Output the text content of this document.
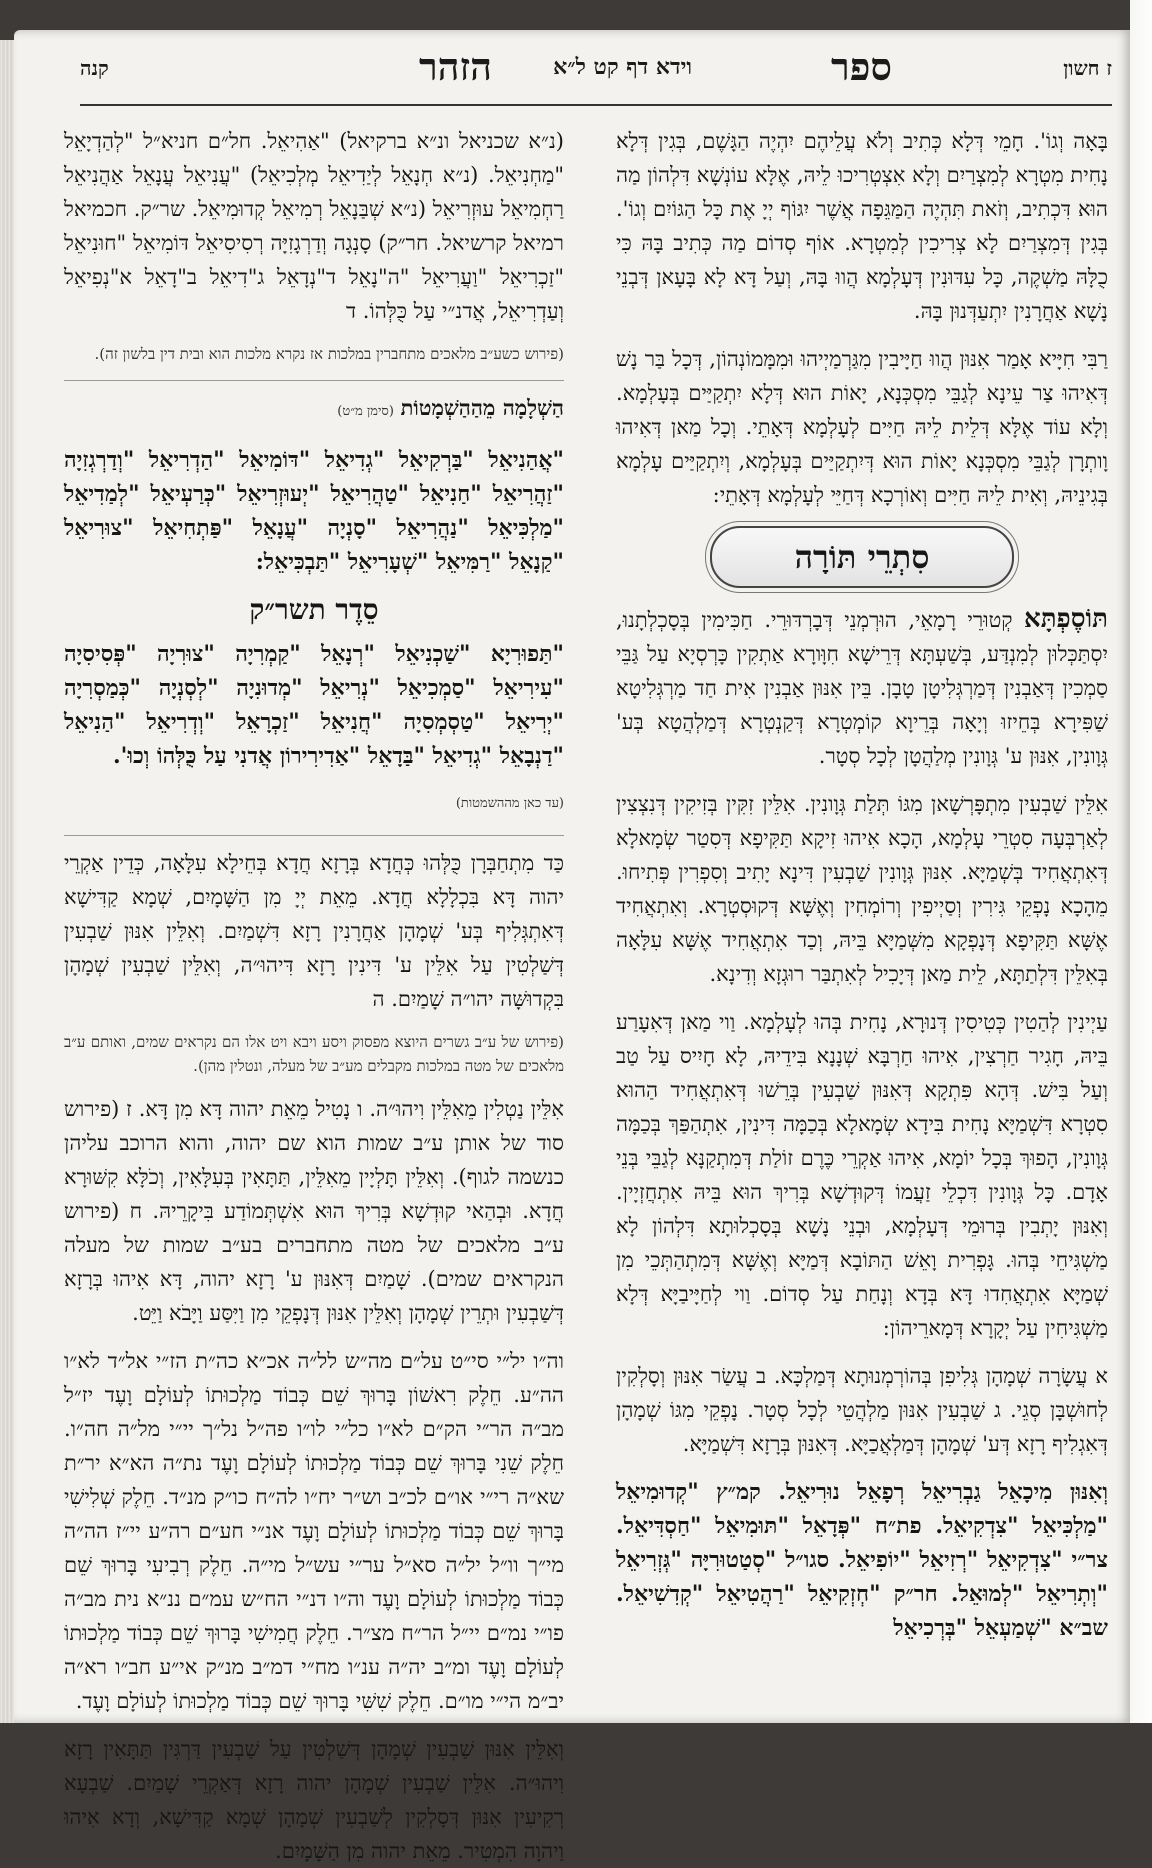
ז חשון
ספר
וידא דף קט ל״א
הזהר
קנה

בָּאָה וְגוֹ'. חָמֵי דְּלָא כְּתִיב וְלֹא עֲלֵיהֶם יִהְיֶה הַגָּשֶׁם, בְּגִין דְּלָא נָחִית מִטְרָא לְמִצְרַיִם וְלָא אִצְטְרִיכוּ לֵיהּ, אֶלָּא עוֹנְשָׁא דִּלְהוֹן מַה הוּא דִּכְתִיב, וְזֹאת תִּהְיֶה הַמַּגֵּפָה אֲשֶׁר יִגּוֹף יְיָ אֶת כָּל הַגּוֹיִם וְגוֹ'. בְּגִין דְּמִצְרַיִם לָא צְרִיכִין לְמִטְרָא. אוֹף סְדוֹם מַה כְּתִיב בָּהּ כִּי כֻלָּהּ מַשְׁקֶה, כָּל עִדּוּנִין דְּעָלְמָא הֲווּ בָּהּ, וְעַל דָּא לָא בָּעָאן דְּבְנֵי נָשָׁא אַחֲרָנִין יִתְעַדְּנוּן בָּהּ.

רַבִּי חִיָּיא אָמַר אִנּוּן הֲווּ חַיָּיבִין מִגַּרְמַיְיהוּ וּמִמָּמוֹנְהוֹן, דְּכָל בַּר נָשׁ דְּאִיהוּ צַר עֵינָא לְגַבֵּי מִסְכְּנָא, יָאוֹת הוּא דְּלָא יִתְקַיַּים בְּעָלְמָא. וְלָא עוֹד אֶלָּא דְּלֵית לֵיהּ חַיִּים לְעָלְמָא דְּאָתֵי. וְכָל מַאן דְּאִיהוּ וָותְרָן לְגַבֵּי מִסְכְּנָא יָאוֹת הוּא דְּיִתְקַיַּים בְּעָלְמָא, וְיִתְקַיַּים עָלְמָא בְּגִינֵיהּ, וְאִית לֵיהּ חַיִּים וְאוֹרְכָא דְּחַיֵּי לְעָלְמָא דְּאָתֵי:

סִתְרֵי תּוֹרָה

תּוֹסֶפְתָּא קְטוּרֵי רָמָאֵי, הוּרְמְנֵי דְּבָרְדּוּרֵי. חַכִּימִין בְּסָכְלְתָנוּ, יִסְתַּכְּלוּן לְמִנְדַּע, בְּשַׁעְתָּא דְּרֵישָׁא חִוָּורָא אַתְקִין כָּרְסְיָא עַל גַּבֵּי סַמְכִין דְּאַבְנִין דְּמַרְגְּלִיטָן טָבָן. בֵּין אִנּוּן אַבְנִין אִית חַד מַרְגְּלִיטָא שַׁפִּירָא בְּחֵיזוּ וְיָאָה בְּרֵיוָא קוֹמְטְרָא דְּקַנְטְרָא דְּמַלְהֲטָא בְּע' גְּוָונִין, אִנּוּן ע' גְּוָונִין מְלַהֲטָן לְכָל סְטָר.

אִלֵּין שַׁבְעִין מִתְפָּרְשָׁאן מִגּוֹ תְּלַת גְּוָונִין. אִלֵּין זִקִּין בְּזִיקִין דְּנִצְצִין לְאַרְבְּעָה סִטְרֵי עָלְמָא, הָכָא אִיהוּ זִיקָא תַּקִּיפָא דְּסִטַר שְׂמָאלָא דְּאִתְאֲחִיד בְּשְׁמַיָּא. אִנּוּן גְּוָונִין שַׁבְעִין דִּינָא יָתִיב וְסִפְרִין פְּתִיחוּ. מֵהָכָא נָפְקֵי גִּירִין וְסַיְיפִין וְרוֹמְחִין וְאֶשָּׁא דְּקוּסְטְרָא. וְאִתְאֲחִיד אֶשָּׁא תַּקִּיפָא דְּנָפְקָא מִשְּׁמַיָּא בֵּיהּ, וְכַד אִתְאֲחִיד אֶשָּׁא עִלָּאָה בְּאִלֵּין דִּלְתַתָּא, לֵית מַאן דְּיָכִיל לְאִתְבַּר רוּגְזָא וְדִינָא.

עַיְינִין לְהַטִין כְּטִיסִין דְּנוּרָא, נָחִית בְּהוּ לְעָלְמָא. וַוי מַאן דְּאִעָרַע בֵּיהּ, חָגִיר חַרְצִין, אִיהוּ חַרְבָּא שְׁנָנָא בִּידֵיהּ, לָא חָיִיס עַל טַב וְעַל בִּישׁ. דְּהָא פִּתְקָא דְּאִנּוּן שַׁבְעִין בְּרֵשׁוּ דְּאִתְאֲחִיד הַהוּא סִטְרָא דִּשְׁמַיָּא נָחִית בִּידָא שְׂמָאלָא בְּכַמָּה דִּינִין, אִתְהַפַּךְ בְּכַמָּה גְּוָונִין, הָפוּךְ בְּכָל יוֹמָא, אִיהוּ אַקְרֵי כֶּרֶם זוֹלַת דְּמִתְקַנָּא לְגַבֵּי בְּנֵי אָדָם. כָּל גְּוָונִין דִּכְלֵי זַעֲמוֹ דְּקוּדְשָׁא בְּרִיךְ הוּא בֵּיהּ אִתְחֲזְיָין. וְאִנּוּן יָתְבִין בְּרוּמֵי דְּעָלְמָא, וּבְנֵי נָשָׁא בְּסָכְלוּתָא דִּלְהוֹן לָא מַשְׁגִּיחֵי בְּהוּ. גָּפְרִית וָאֵשׁ הַתּוֹבָא דְּמַיָּא וְאֶשָּׁא דְּמִתְהַתְּכֵי מִן שְׁמַיָּא אִתְאֲחִדוּ דָּא בְּדָא וְנָחַת עַל סְדוֹם. וַוי לְחַיָּיבַיָּא דְּלָא מַשְׁגִּיחִין עַל יְקָרָא דְּמָארֵיהוֹן:

א עֲשָׂרָה שְׁמָהָן גְּלִיפִן בְּהוֹרְמְנוּתָא דְּמַלְכָּא. ב עֲשַׂר אִנּוּן וְסָלְקִין לְחוּשְׁבָּן סְגֵי. ג שַׁבְעִין אִנּוּן מַלְהֲטֵי לְכָל סְטָר. נָפְקֵי מִגּוֹ שְׁמָהָן דְּאִגְלִיף רָזָא דְּע' שְׁמָהָן דְּמַלְאֲכַיָּא. דְּאִנּוּן בְּרָזָא דִּשְׁמַיָּא.

וְאִנּוּן מִיכָאֵל גַבְרִיאֵל רְפָאֵל נוּרִיאֵל. קמ״ץ "קְדוּמִיאֵל "מַלְכִּיאֵל "צִדְקִיאֵל. פת״ח "פְּדָאֵל "תּוּמִיאֵל "חַסְדִּיאֵל. צר״י "צִדְקִיאֵל "רְזִיאֵל "יוֹפִיאֵל. סגו״ל "סְטַטוּרִיָּה "גְּזְרִיאֵל "וְתְרִיאֵל "לְמוּאֵל. חר״ק "חְזְקִיאֵל "רַהֲטִיאֵל "קְדִשִׁיאֵל. שב״א "שְׁמַעְאֵל "בְּרְכִיאֵל

(נ״א שכניאל ונ״א ברקיאל) "אַהִיאֵל. חל״ם חניא״ל "לְהַדְיָאֵל "מַחְנִיאֵל. (נ״א חְנָאֵל לְיַדִיאֵל מְלְכִיאֵל) "עֲנִיאֵל עֲנָאֵל אַהֲנִיאֵל רַחְמִיאֵל עוּזְרִיאֵל (נ״א שְׁבַּנָאֵל רְמִיאֵל קְדוּמִיאֵל. שר״ק. חכמיאל רמיאל קרשיאל. חר״ק) סָנְגָה וְדַרְגָזִיָּה רְסִיסִיאֵל דּוֹמִיאֵל "חוּנִיאֵל "זַכְרִיאֵל "וַעֲרִיאֵל "ה"נָאֵל ד"נְדָאֵל ג"דִיאֵל ב"דָאֵל א"נְפִיאֵל וְעַדְרִיאֵל, אֲדנ״י עַל כֻּלְּהוֹ. ד

(פירוש כשע״ב מלאכים מתחברין במלכות אז נקרא מלכות הוא ובית דין בלשון זה).

הַשְׁלָמָה מֵהַהַשְׁמָטוֹת (סימן מ״ט)

"אֲהַנִיאֵל "בַּרְקִיאֵל "גְדִיאֵל "דּוֹמִיאֵל "הַדְרִיאֵל "וְדַרְגְזִיָה "זַהֲרִיאֵל "חַנִיאֵל "טַהֲרִיאֵל "יְעוּזְרִיאֵל "כְּרַעְיאֵל "לְמַדִיאֵל "מַלְכִּיאֵל "נַהֲרִיאֵל "סָנְיָה "עֲנָאֵל "פַּתְחִיאֵל "צוּרִיאֵל "קַנָאֵל "רַמִּיאֵל "שְׁעָרִיאֵל "תַּבְכִּיאֵל:

סֵדֶר תשר״ק

"תַּפוּרִיָא "שַׁכְנִיאֵל "רְנָאֵל "קַמְרִיָה "צוּרִיָה "פְּסִיסִיָה "עִירִיאֵל "סַמְכִיאֵל "נְרִיאֵל "מְדוּנִיָה "לְסְנְיָה "כְּמַסְרִיָה "יְרִיאֵל "טַסְמְסִיָה "חֲנִיאֵל "זַכְרָאֵל "וְדְרִיאֵל "הַנִיאֵל "דַנְבָאֵל "גְדִיאֵל "בַּדָאֵל "אַדִירִירוֹן אֲדנִי עַל כֻּלְּהוֹ וְכוּ'.

(עד כאן מההשמטות)

כַּד מִתְחַבְּרָן כֻּלְּהוּ כְּחֲדָא בְּרָזָא חֲדָא בְּחֵילָא עִלָּאָה, כְּדֵין אַקְרֵי יהוה דָּא בִּכְלָלָא חֲדָא. מֵאֵת יְיָ מִן הַשָּׁמָיִם, שְׁמָא קַדִּישָׁא דְּאִתְגְּלִיף בְּע' שְׁמָהָן אַחֲרָנִין רָזָא דִּשְׁמַיִם. וְאִלֵּין אִנּוּן שַׁבְעִין דְּשַׁלְטִין עַל אִלֵּין ע' דִּינִין רָזָא דִּיהוּ״ה, וְאִלֵּין שַׁבְעִין שְׁמָהָן בִּקְדוּשָּׁה יהו״ה שָׁמַיִם. ה

(פירוש של ע״ב גשרים היוצא מפסוק ויסע ויבא ויט אלו הם נקראים שמים, ואותם ע״ב מלאכים של מטה במלכות מקבלים מע״ב של מעלה, ונטלין מהן).

אִלֵּין נַטְלִין מֵאִלֵּין וִיהוּ״ה. ו נָטִיל מֵאֵת יהוה דָּא מִן דָּא. ז (פירוש סוד של אותן ע״ב שמות הוא שם יהוה, והוא הרוכב עליהן כנשמה לגוף). וְאִלֵּין תָּלְיָין מֵאִלֵּין, תַּתָּאִין בְּעִלָּאִין, וְכֹלָּא קִשּׁוּרָא חֲדָא. וּבְהַאי קוּדְשָׁא בְּרִיךְ הוּא אִשְׁתְּמוֹדַע בִּיקָרֵיהּ. ח (פירוש ע״ב מלאכים של מטה מתחברים בע״ב שמות של מעלה הנקראים שמים). שָׁמַיִם דְּאִנּוּן ע' רָזָא יהוה, דָּא אִיהוּ בְּרָזָא דְּשַׁבְעִין וּתְרֵין שְׁמָהָן וְאִלֵּין אִנּוּן דְּנָפְקֵי מִן וַיִּסַּע וַיָּבֹא וַיֵּט.

וה״ו יל״י סי״ט על״ם מה״ש לל״ה אכ״א כה״ת הז״י אל״ד לא״ו הה״ע. חֵלֶק רִאשׁוֹן בָּרוּךְ שֵׁם כְּבוֹד מַלְכוּתוֹ לְעוֹלָם וָעֶד יז״ל מב״ה הר״י הק״ם לא״ו כל״י לו״ו פה״ל נל״ך יי״י מל״ה חה״ו. חֵלֶק שֵׁנִי בָּרוּךְ שֵׁם כְּבוֹד מַלְכוּתוֹ לְעוֹלָם וָעֶד נת״ה הא״א יר״ת שא״ה רי״י או״ם לכ״ב וש״ר יח״ו לה״ח כו״ק מנ״ד. חֵלֶק שְׁלִישִׁי בָּרוּךְ שֵׁם כְּבוֹד מַלְכוּתוֹ לְעוֹלָם וָעֶד אנ״י חע״ם רה״ע יי״ז הה״ה מי״ך וו״ל יל״ה סא״ל ער״י עש״ל מי״ה. חֵלֶק רְבִיעִי בָּרוּךְ שֵׁם כְּבוֹד מַלְכוּתוֹ לְעוֹלָם וָעֶד וה״ו דנ״י הח״ש עמ״ם ננ״א נית מב״ה פו״י נמ״ם יי״ל הר״ח מצ״ר. חֵלֶק חֲמִישִׁי בָּרוּךְ שֵׁם כְּבוֹד מַלְכוּתוֹ לְעוֹלָם וָעֶד ומ״ב יה״ה ענ״ו מח״י דמ״ב מנ״ק אי״ע חב״ו רא״ה יב״מ הי״י מו״ם. חֵלֶק שִׁשִּׁי בָּרוּךְ שֵׁם כְּבוֹד מַלְכוּתוֹ לְעוֹלָם וָעֶד.

וְאִלֵּין אִנּוּן שַׁבְעִין שְׁמָהָן דְּשַׁלְטִין עַל שַׁבְעִין דַּרְגִּין תַּתָּאִין רָזָא וִיהוּ״ה. אִלֵּין שַׁבְעִין שְׁמָהָן יהוה רָזָא דְּאַקְרֵי שָׁמַיִם. שַׁבְעָא רְקִיעִין אִנּוּן דְּסָלְקִין לְשַׁבְעִין שְׁמָהָן שְׁמָא קַדִּישָׁא, וְדָא אִיהוּ וַיהוָה הִמְטִיר. מֵאֵת יהוה מִן הַשָּׁמָיִם.
